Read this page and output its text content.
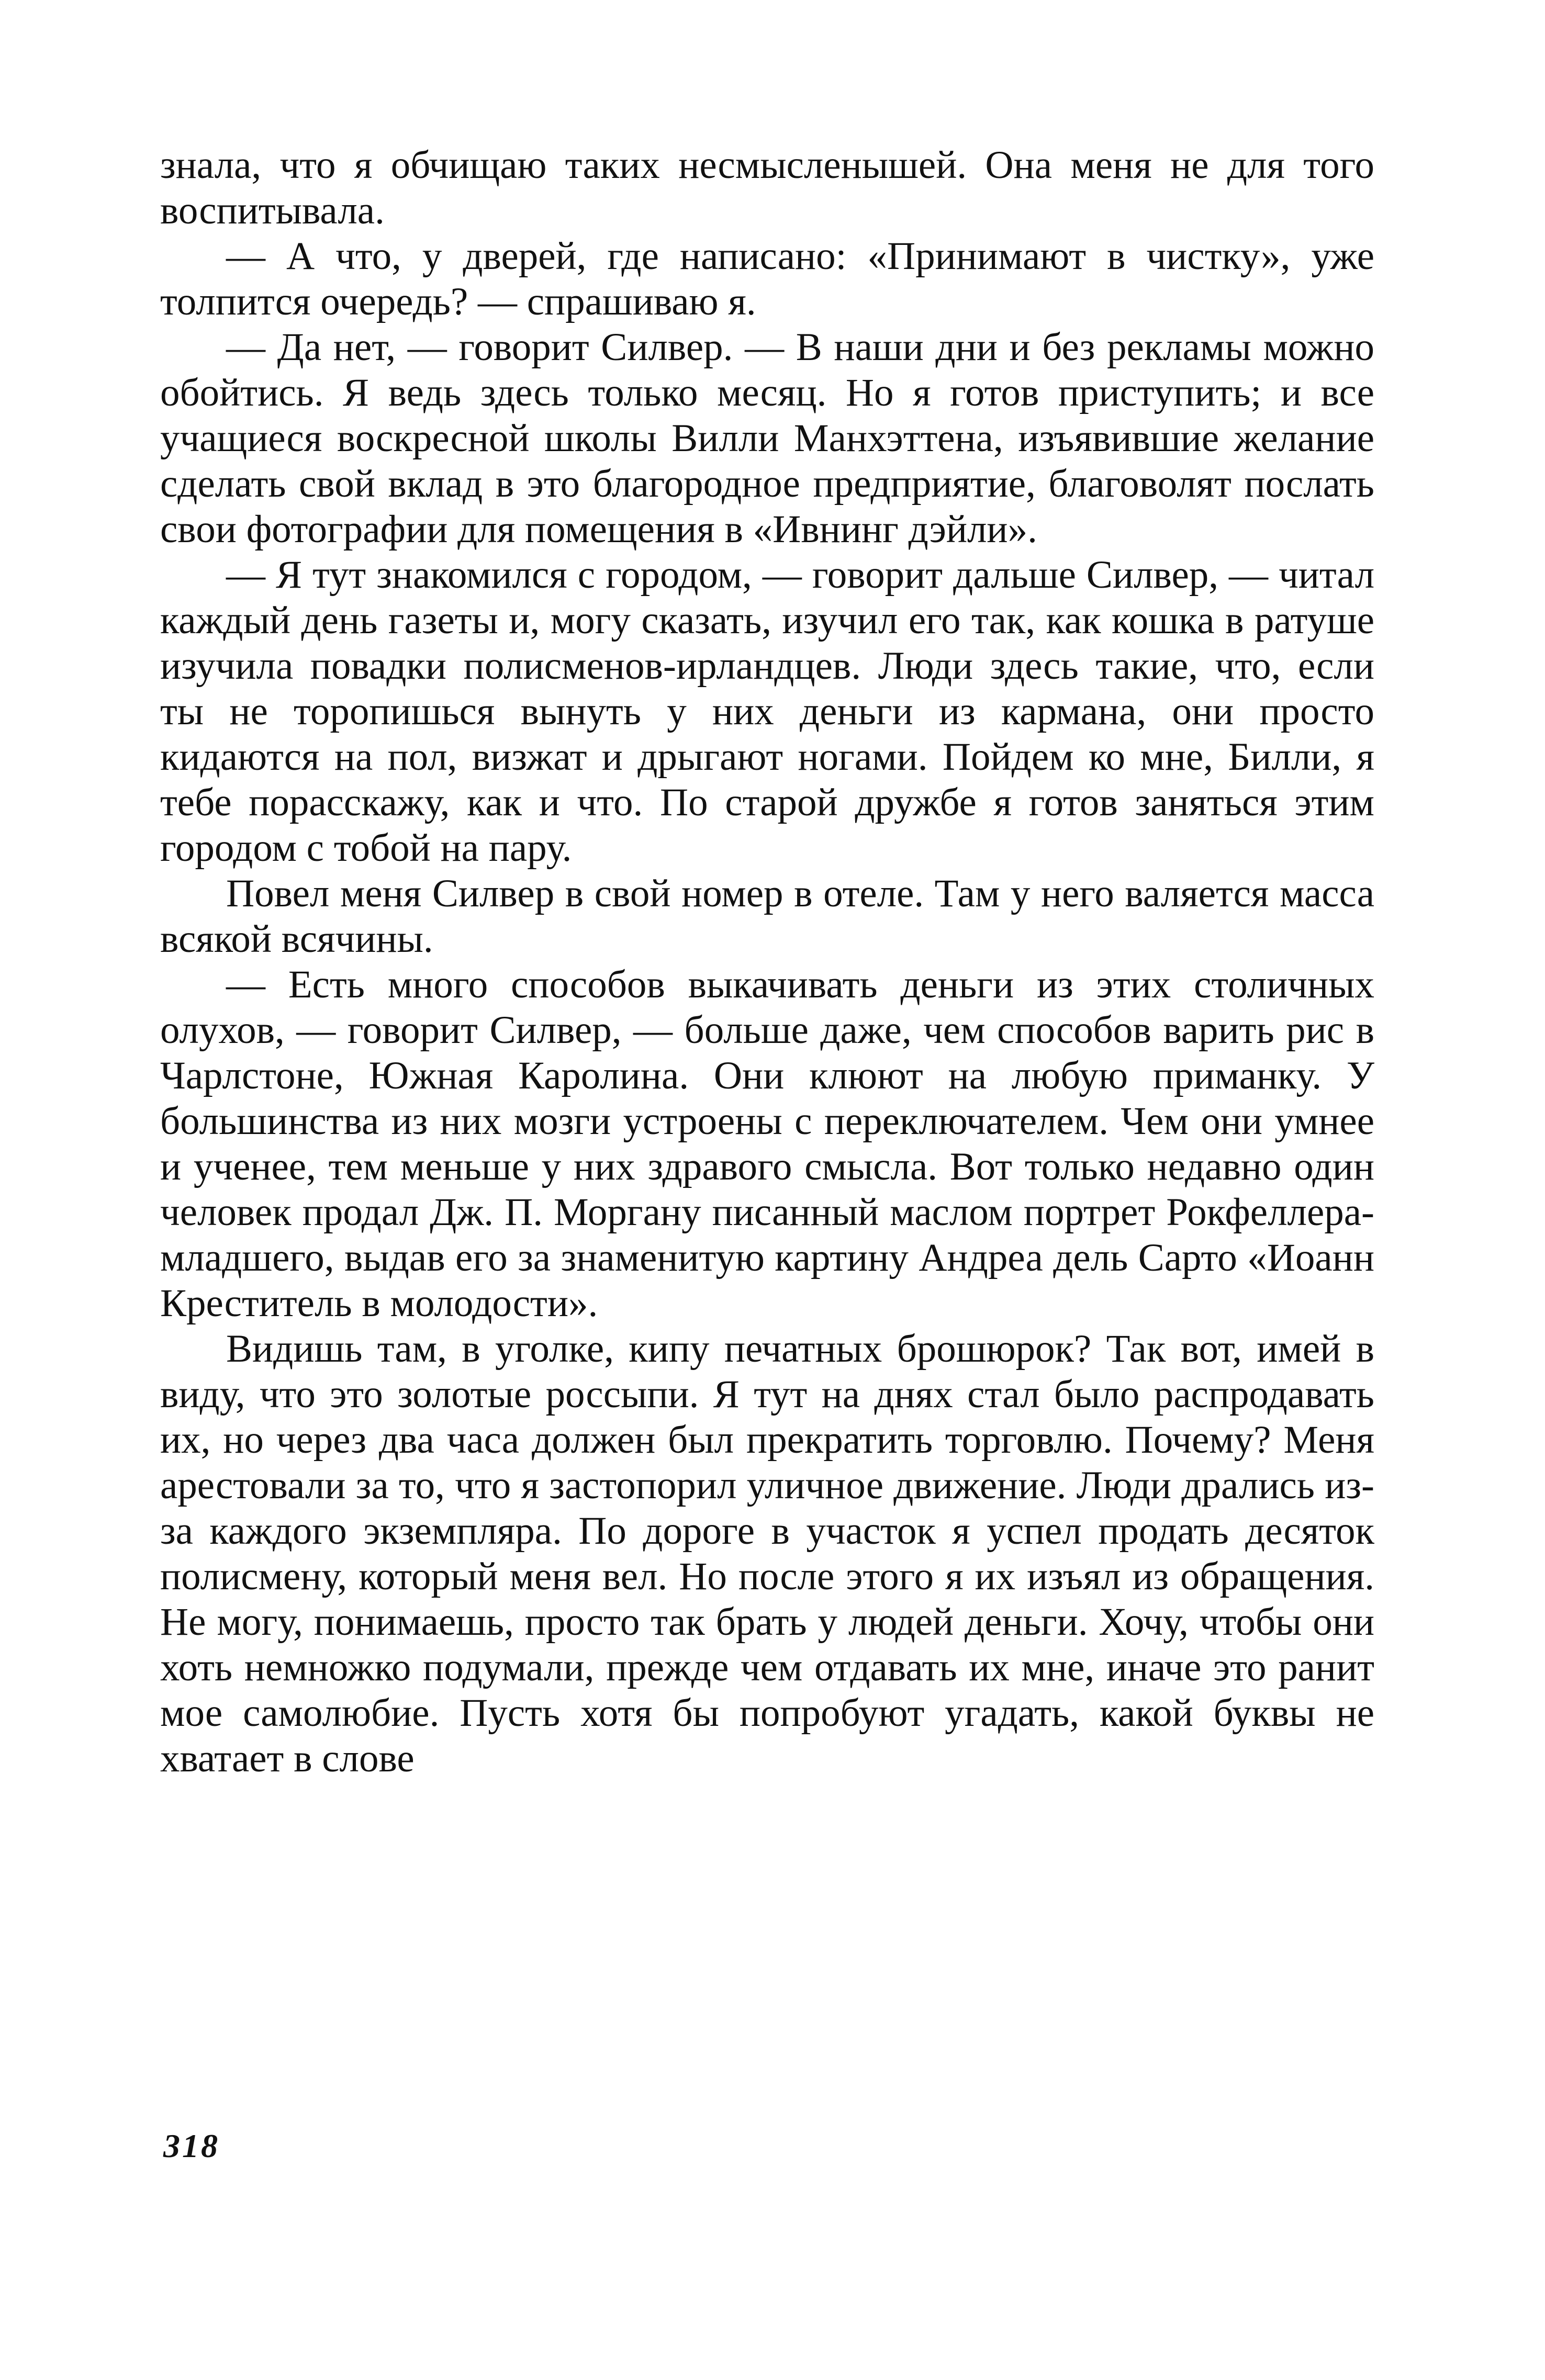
знала, что я обчищаю таких несмысленышей. Она меня не для того воспитывала.

— А что, у дверей, где написано: «Принимают в чистку», уже толпится очередь? — спрашиваю я.

— Да нет, — говорит Силвер. — В наши дни и без рекламы можно обойтись. Я ведь здесь только месяц. Но я готов приступить; и все учащиеся воскресной школы Вилли Манхэттена, изъявившие желание сделать свой вклад в это благородное предприятие, благоволят послать свои фотографии для помещения в «Ивнинг дэйли».

— Я тут знакомился с городом, — говорит дальше Силвер, — читал каждый день газеты и, могу сказать, изучил его так, как кошка в ратуше изучила повадки полисменов-ирландцев. Люди здесь такие, что, если ты не торопишься вынуть у них деньги из кармана, они просто кидаются на пол, визжат и дрыгают ногами. Пойдем ко мне, Билли, я тебе порасскажу, как и что. По старой дружбе я готов заняться этим городом с тобой на пару.

Повел меня Силвер в свой номер в отеле. Там у него валяется масса всякой всячины.

— Есть много способов выкачивать деньги из этих столичных олухов, — говорит Силвер, — больше даже, чем способов варить рис в Чарлстоне, Южная Каролина. Они клюют на любую приманку. У большинства из них мозги устроены с переключателем. Чем они умнее и ученее, тем меньше у них здравого смысла. Вот только недавно один человек продал Дж. П. Моргану писанный маслом портрет Рокфеллера-младшего, выдав его за знаменитую картину Андреа дель Сарто «Иоанн Креститель в молодости».

Видишь там, в уголке, кипу печатных брошюрок? Так вот, имей в виду, что это золотые россыпи. Я тут на днях стал было распродавать их, но через два часа должен был прекратить торговлю. Почему? Меня арестовали за то, что я застопорил уличное движение. Люди дрались из-за каждого экземпляра. По дороге в участок я успел продать десяток полисмену, который меня вел. Но после этого я их изъял из обращения. Не могу, понимаешь, просто так брать у людей деньги. Хочу, чтобы они хоть немножко подумали, прежде чем отдавать их мне, иначе это ранит мое самолюбие. Пусть хотя бы попробуют угадать, какой буквы не хватает в слове

318
